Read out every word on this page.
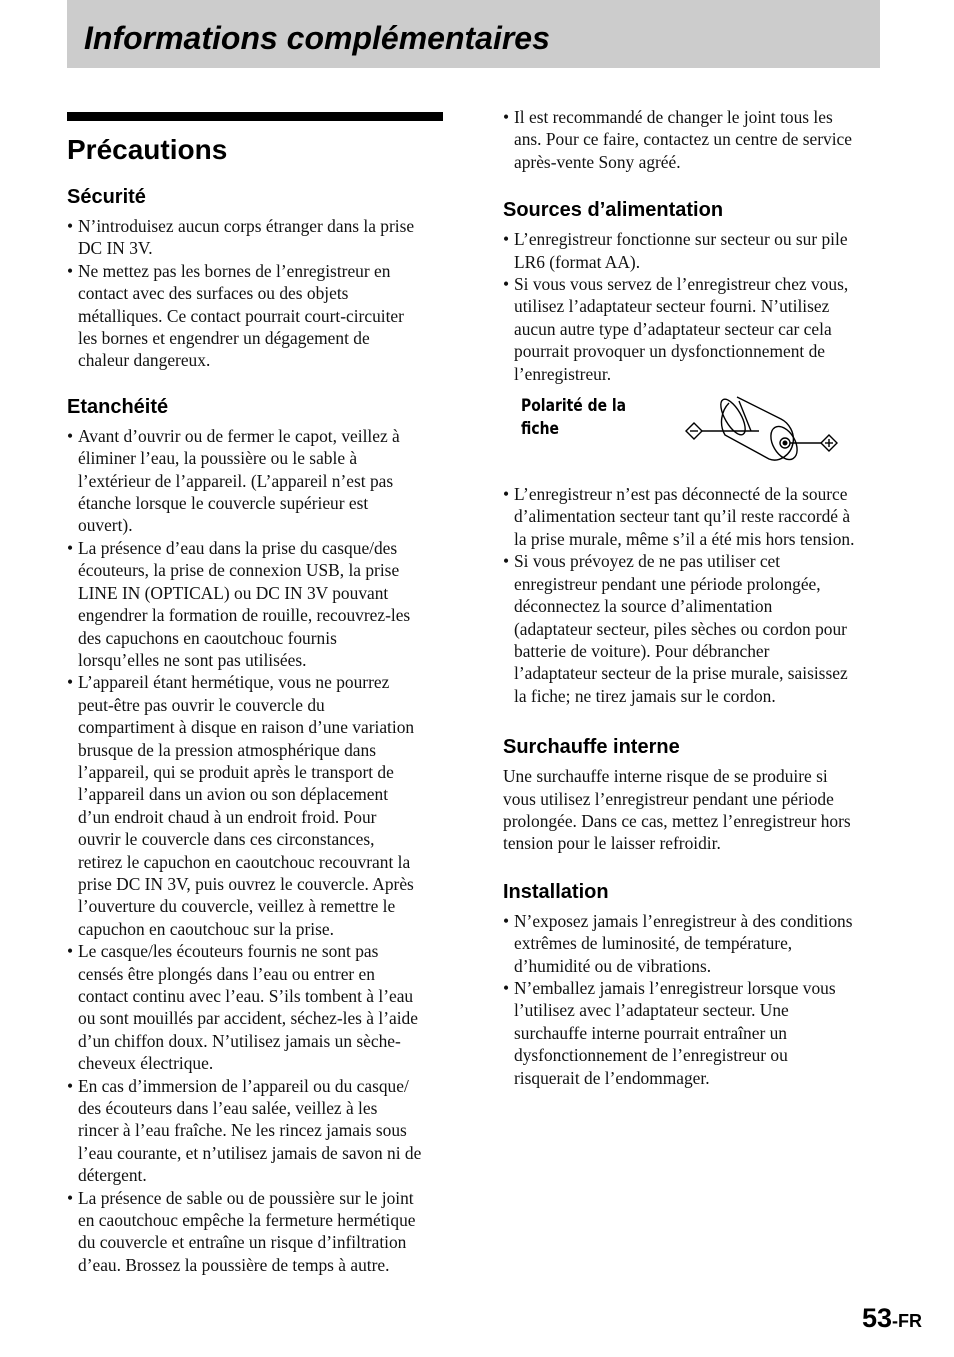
Informations complémentaires
Précautions
Sécurité
• N’introduisez aucun corps étranger dans la prise
DC IN 3V.
• Ne mettez pas les bornes de l’enregistreur en
contact avec des surfaces ou des objets
métalliques. Ce contact pourrait court-circuiter
les bornes et engendrer un dégagement de
chaleur dangereux.
Etanchéité
• Avant d’ouvrir ou de fermer le capot, veillez à
éliminer l’eau, la poussière ou le sable à
l’extérieur de l’appareil. (L’appareil n’est pas
étanche lorsque le couvercle supérieur est
ouvert).
• La présence d’eau dans la prise du casque/des
écouteurs, la prise de connexion USB, la prise
LINE IN (OPTICAL) ou DC IN 3V pouvant
engendrer la formation de rouille, recouvrez-les
des capuchons en caoutchouc fournis
lorsqu’elles ne sont pas utilisées.
• L’appareil étant hermétique, vous ne pourrez
peut-être pas ouvrir le couvercle du
compartiment à disque en raison d’une variation
brusque de la pression atmosphérique dans
l’appareil, qui se produit après le transport de
l’appareil dans un avion ou son déplacement
d’un endroit chaud à un endroit froid. Pour
ouvrir le couvercle dans ces circonstances,
retirez le capuchon en caoutchouc recouvrant la
prise DC IN 3V, puis ouvrez le couvercle. Après
l’ouverture du couvercle, veillez à remettre le
capuchon en caoutchouc sur la prise.
• Le casque/les écouteurs fournis ne sont pas
censés être plongés dans l’eau ou entrer en
contact continu avec l’eau. S’ils tombent à l’eau
ou sont mouillés par accident, séchez-les à l’aide
d’un chiffon doux. N’utilisez jamais un sèche-
cheveux électrique.
• En cas d’immersion de l’appareil ou du casque/
des écouteurs dans l’eau salée, veillez à les
rincer à l’eau fraîche. Ne les rincez jamais sous
l’eau courante, et n’utilisez jamais de savon ni de
détergent.
• La présence de sable ou de poussière sur le joint
en caoutchouc empêche la fermeture hermétique
du couvercle et entraîne un risque d’infiltration
d’eau. Brossez la poussière de temps à autre.
• Il est recommandé de changer le joint tous les
ans. Pour ce faire, contactez un centre de service
après-vente Sony agréé.
Sources d’alimentation
• L’enregistreur fonctionne sur secteur ou sur pile
LR6 (format AA).
• Si vous vous servez de l’enregistreur chez vous,
utilisez l’adaptateur secteur fourni. N’utilisez
aucun autre type d’adaptateur secteur car cela
pourrait provoquer un dysfonctionnement de
l’enregistreur.
Polarité de la
fiche
• L’enregistreur n’est pas déconnecté de la source
d’alimentation secteur tant qu’il reste raccordé à
la prise murale, même s’il a été mis hors tension.
• Si vous prévoyez de ne pas utiliser cet
enregistreur pendant une période prolongée,
déconnectez la source d’alimentation
(adaptateur secteur, piles sèches ou cordon pour
batterie de voiture). Pour débrancher
l’adaptateur secteur de la prise murale, saisissez
la fiche; ne tirez jamais sur le cordon.
Surchauffe interne

Une surchauffe interne risque de se produire si
vous utilisez l’enregistreur pendant une période
prolongée. Dans ce cas, mettez l’enregistreur hors
tension pour le laisser refroidir.

Installation
• N’exposez jamais l’enregistreur à des conditions
extrêmes de luminosité, de température,
d’humidité ou de vibrations.
• N’emballez jamais l’enregistreur lorsque vous
l’utilisez avec l’adaptateur secteur. Une
surchauffe interne pourrait entraîner un
dysfonctionnement de l’enregistreur ou
risquerait de l’endommager.
53-FR
